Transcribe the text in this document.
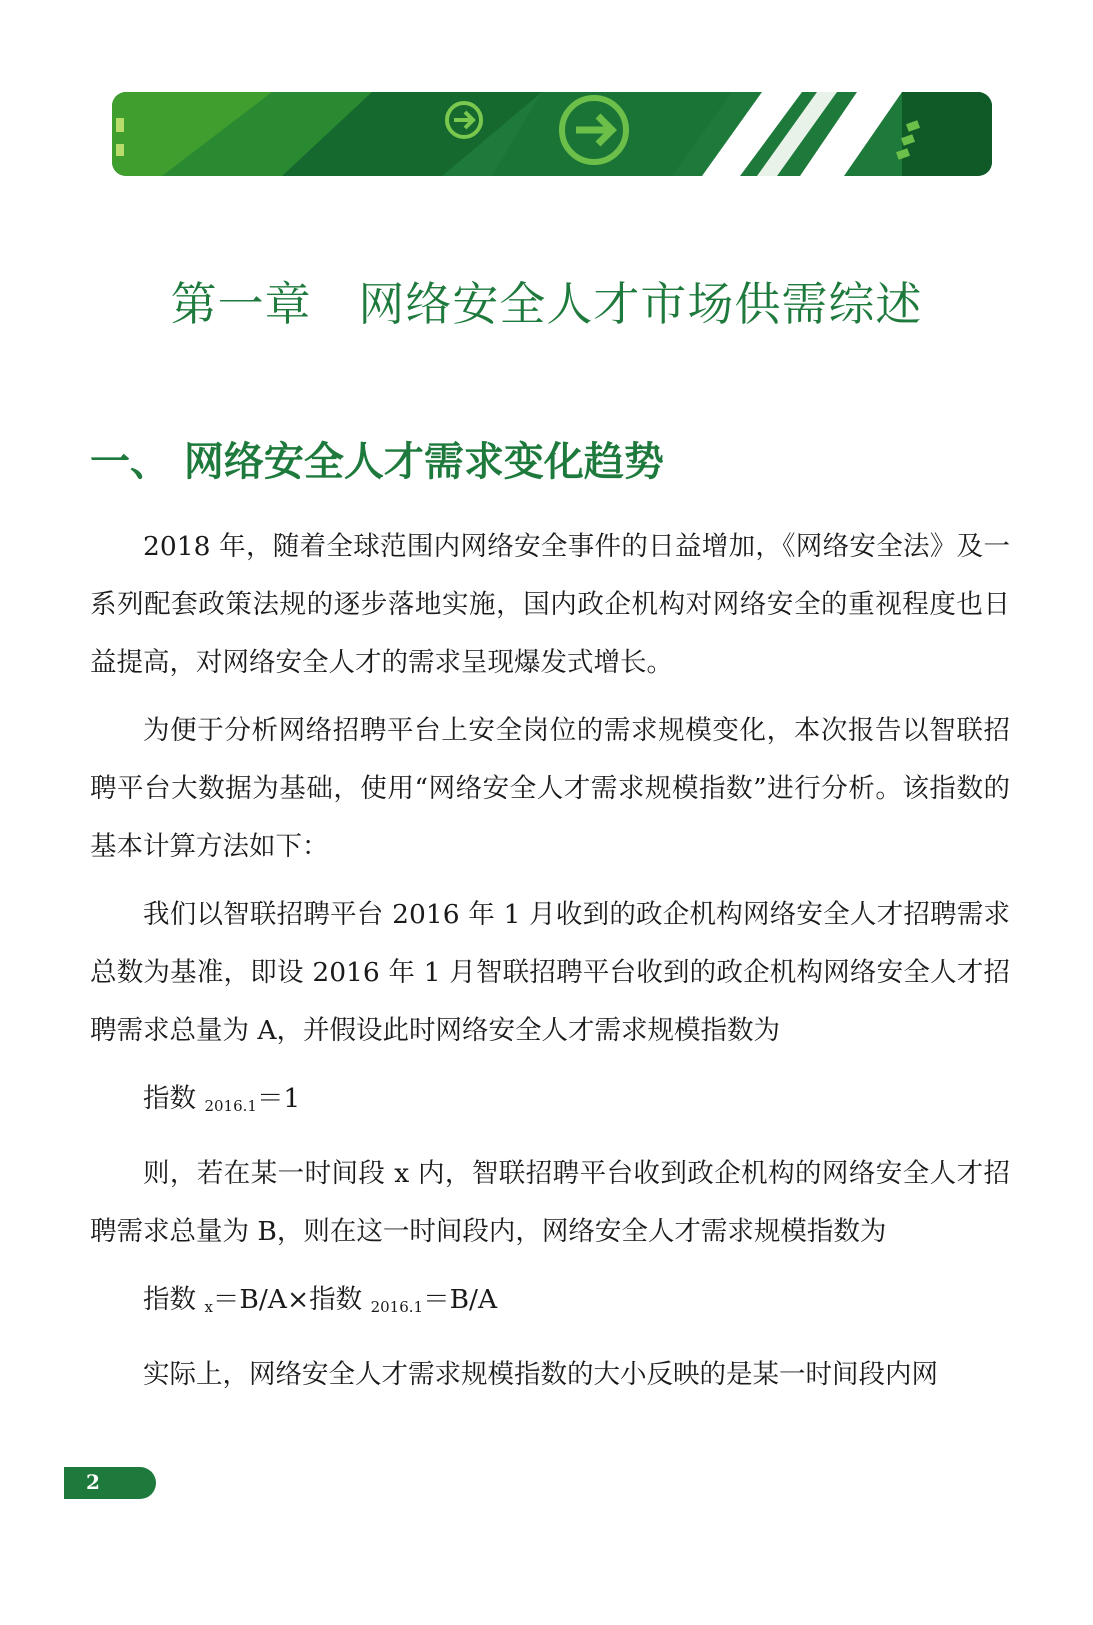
第一章   网络安全人才市场供需综述
一、 网络安全人才需求变化趋势

2018 年，随着全球范围内网络安全事件的日益增加，《网络安全法》及一系列配套政策法规的逐步落地实施，国内政企机构对网络安全的重视程度也日益提高，对网络安全人才的需求呈现爆发式增长。

为便于分析网络招聘平台上安全岗位的需求规模变化，本次报告以智联招聘平台大数据为基础，使用“网络安全人才需求规模指数”进行分析。该指数的基本计算方法如下：

我们以智联招聘平台 2016 年 1 月收到的政企机构网络安全人才招聘需求总数为基准，即设 2016 年 1 月智联招聘平台收到的政企机构网络安全人才招聘需求总量为 A，并假设此时网络安全人才需求规模指数为

指数 $_{2016.1}$＝1

则，若在某一时间段 x 内，智联招聘平台收到政企机构的网络安全人才招聘需求总量为 B，则在这一时间段内，网络安全人才需求规模指数为

指数 $_x$＝B/A×指数 $_{2016.1}$＝B/A

实际上，网络安全人才需求规模指数的大小反映的是某一时间段内网

2
